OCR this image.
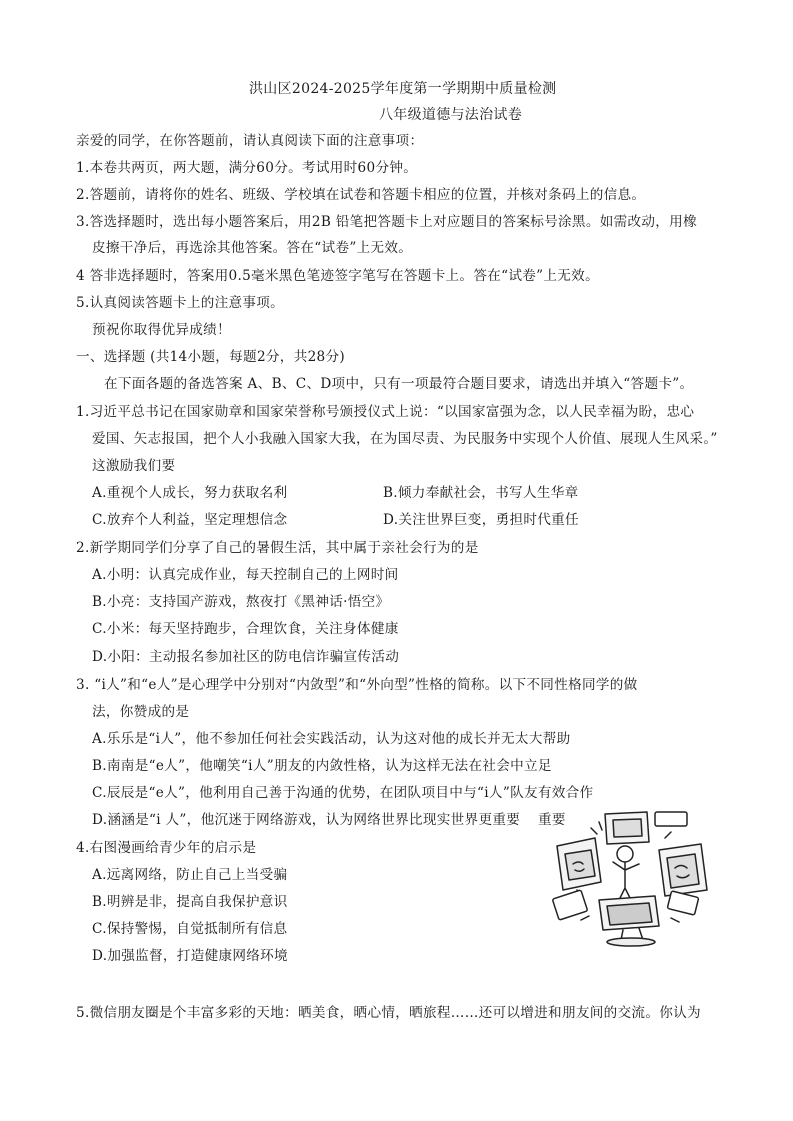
洪山区2024-2025学年度第一学期期中质量检测
八年级道德与法治试卷
亲爱的同学，在你答题前，请认真阅读下面的注意事项：
1.本卷共两页，两大题，满分60分。考试用时60分钟。
2.答题前，请将你的姓名、班级、学校填在试卷和答题卡相应的位置，并核对条码上的信息。
3.答选择题时，选出每小题答案后，用2B 铅笔把答题卡上对应题目的答案标号涂黑。如需改动，用橡
皮擦干净后，再选涂其他答案。答在“试卷”上无效。
4 答非选择题时，答案用0.5毫米黑色笔迹签字笔写在答题卡上。答在“试卷”上无效。
5.认真阅读答题卡上的注意事项。
预祝你取得优异成绩！
一、选择题 (共14小题，每题2分，共28分)
在下面各题的备选答案 A、B、C、D项中，只有一项最符合题目要求，请选出并填入“答题卡”。
1.习近平总书记在国家勋章和国家荣誉称号颁授仪式上说：“以国家富强为念，以人民幸福为盼，忠心
爱国、矢志报国，把个人小我融入国家大我，在为国尽责、为民服务中实现个人价值、展现人生风采。”
这激励我们要
A.重视个人成长，努力获取名利	B.倾力奉献社会，书写人生华章
C.放弃个人利益，坚定理想信念	D.关注世界巨变，勇担时代重任
2.新学期同学们分享了自己的暑假生活，其中属于亲社会行为的是
A.小明：认真完成作业，每天控制自己的上网时间
B.小亮：支持国产游戏，熬夜打《黑神话·悟空》
C.小米：每天坚持跑步，合理饮食，关注身体健康
D.小阳：主动报名参加社区的防电信诈骗宣传活动
3. “i人”和“e人”是心理学中分别对“内敛型”和“外向型”性格的简称。以下不同性格同学的做
法，你赞成的是
A.乐乐是“i人”，他不参加任何社会实践活动，认为这对他的成长并无太大帮助
B.南南是“e人”，他嘲笑“i人”朋友的内敛性格，认为这样无法在社会中立足
C.辰辰是“e人”，他利用自己善于沟通的优势，在团队项目中与“i人”队友有效合作
D.涵涵是“i 人”，他沉迷于网络游戏，认为网络世界比现实世界更重要 重要
4.右图漫画给青少年的启示是
A.远离网络，防止自己上当受骗
B.明辨是非，提高自我保护意识
C.保持警惕，自觉抵制所有信息
D.加强监督，打造健康网络环境
5.微信朋友圈是个丰富多彩的天地：晒美食，晒心情，晒旅程……还可以增进和朋友间的交流。你认为
